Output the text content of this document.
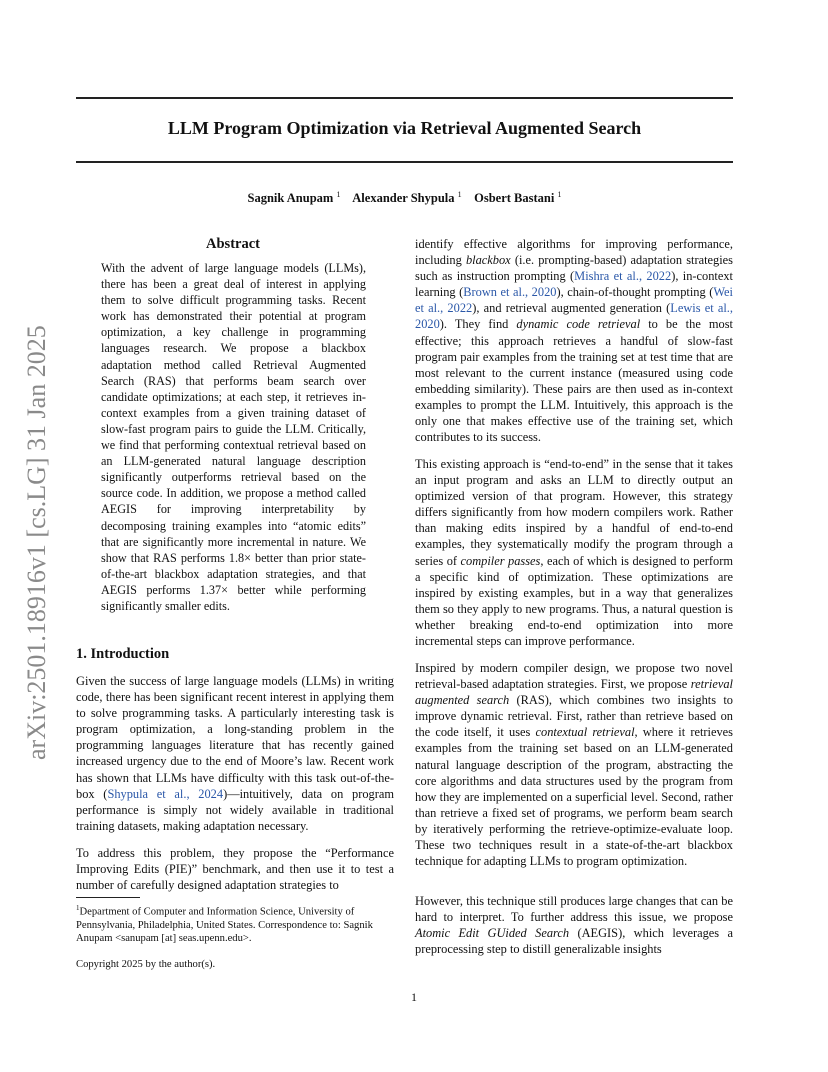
LLM Program Optimization via Retrieval Augmented Search
Sagnik Anupam $^1$ Alexander Shypula $^1$ Osbert Bastani $^1$
arXiv:2501.18916v1 [cs.LG] 31 Jan 2025
Abstract
With the advent of large language models (LLMs), there has been a great deal of interest in applying them to solve difficult programming tasks. Recent work has demonstrated their potential at program optimization, a key challenge in programming languages research. We propose a blackbox adaptation method called Retrieval Augmented Search (RAS) that performs beam search over candidate optimizations; at each step, it retrieves in-context examples from a given training dataset of slow-fast program pairs to guide the LLM. Critically, we find that performing contextual retrieval based on an LLM-generated natural language description significantly outperforms retrieval based on the source code. In addition, we propose a method called AEGIS for improving interpretability by decomposing training examples into “atomic edits” that are significantly more incremental in nature. We show that RAS performs 1.8× better than prior state-of-the-art blackbox adaptation strategies, and that AEGIS performs 1.37× better while performing significantly smaller edits.
1. Introduction

Given the success of large language models (LLMs) in writing code, there has been significant recent interest in applying them to solve programming tasks. A particularly interesting task is program optimization, a long-standing problem in the programming languages literature that has recently gained increased urgency due to the end of Moore’s law. Recent work has shown that LLMs have difficulty with this task out-of-the-box (Shypula et al., 2024)—intuitively, data on program performance is simply not widely available in traditional training datasets, making adaptation necessary.

To address this problem, they propose the “Performance Improving Edits (PIE)” benchmark, and then use it to test a number of carefully designed adaptation strategies to

$^1$Department of Computer and Information Science, University of Pennsylvania, Philadelphia, United States. Correspondence to: Sagnik Anupam <sanupam [at] seas.upenn.edu>.
Copyright 2025 by the author(s).

identify effective algorithms for improving performance, including blackbox (i.e. prompting-based) adaptation strategies such as instruction prompting (Mishra et al., 2022), in-context learning (Brown et al., 2020), chain-of-thought prompting (Wei et al., 2022), and retrieval augmented generation (Lewis et al., 2020). They find dynamic code retrieval to be the most effective; this approach retrieves a handful of slow-fast program pair examples from the training set at test time that are most relevant to the current instance (measured using code embedding similarity). These pairs are then used as in-context examples to prompt the LLM. Intuitively, this approach is the only one that makes effective use of the training set, which contributes to its success.

This existing approach is “end-to-end” in the sense that it takes an input program and asks an LLM to directly output an optimized version of that program. However, this strategy differs significantly from how modern compilers work. Rather than making edits inspired by a handful of end-to-end examples, they systematically modify the program through a series of compiler passes, each of which is designed to perform a specific kind of optimization. These optimizations are inspired by existing examples, but in a way that generalizes them so they apply to new programs. Thus, a natural question is whether breaking end-to-end optimization into more incremental steps can improve performance.

Inspired by modern compiler design, we propose two novel retrieval-based adaptation strategies. First, we propose retrieval augmented search (RAS), which combines two insights to improve dynamic retrieval. First, rather than retrieve based on the code itself, it uses contextual retrieval, where it retrieves examples from the training set based on an LLM-generated natural language description of the program, abstracting the core algorithms and data structures used by the program from how they are implemented on a superficial level. Second, rather than retrieve a fixed set of programs, we perform beam search by iteratively performing the retrieve-optimize-evaluate loop. These two techniques result in a state-of-the-art blackbox technique for adapting LLMs to program optimization.

However, this technique still produces large changes that can be hard to interpret. To further address this issue, we propose Atomic Edit GUided Search (AEGIS), which leverages a preprocessing step to distill generalizable insights

1
